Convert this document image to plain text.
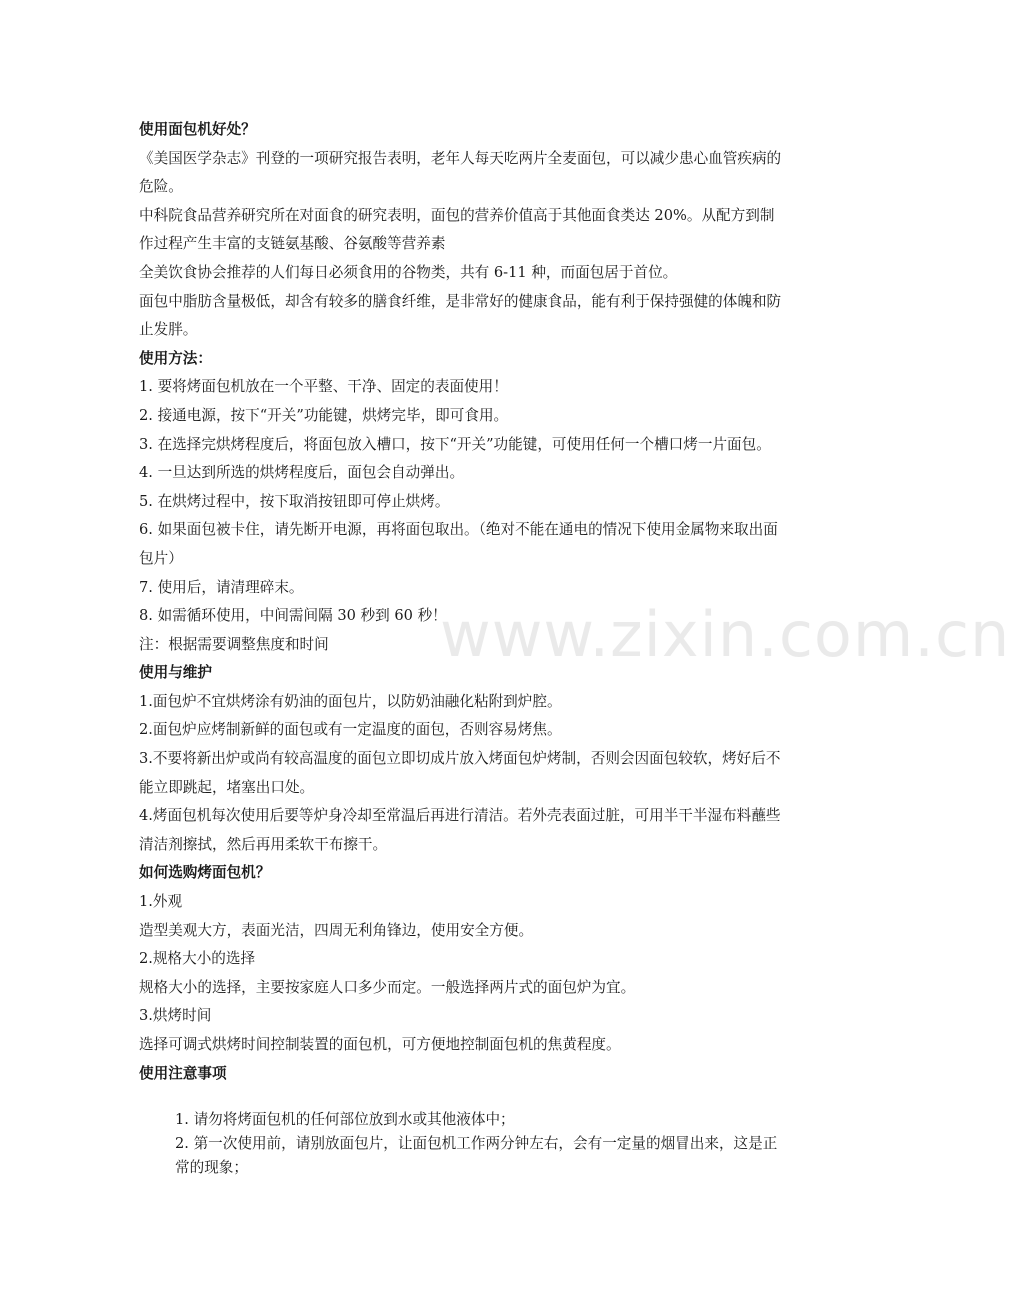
使用面包机好处？

《美国医学杂志》刊登的一项研究报告表明，老年人每天吃两片全麦面包，可以减少患心血管疾病的危险。

中科院食品营养研究所在对面食的研究表明，面包的营养价值高于其他面食类达 20%。从配方到制作过程产生丰富的支链氨基酸、谷氨酸等营养素

全美饮食协会推荐的人们每日必须食用的谷物类，共有 6-11 种，而面包居于首位。

面包中脂肪含量极低，却含有较多的膳食纤维，是非常好的健康食品，能有利于保持强健的体魄和防止发胖。

使用方法：

1. 要将烤面包机放在一个平整、干净、固定的表面使用！

2. 接通电源，按下“开关”功能键，烘烤完毕，即可食用。

3. 在选择完烘烤程度后，将面包放入槽口，按下“开关”功能键，可使用任何一个槽口烤一片面包。

4. 一旦达到所选的烘烤程度后，面包会自动弹出。

5. 在烘烤过程中，按下取消按钮即可停止烘烤。

6. 如果面包被卡住，请先断开电源，再将面包取出。（绝对不能在通电的情况下使用金属物来取出面包片）

7. 使用后，请清理碎末。

8. 如需循环使用，中间需间隔 30 秒到 60 秒！

注：根据需要调整焦度和时间

使用与维护

1.面包炉不宜烘烤涂有奶油的面包片，以防奶油融化粘附到炉腔。

2.面包炉应烤制新鲜的面包或有一定温度的面包，否则容易烤焦。

3.不要将新出炉或尚有较高温度的面包立即切成片放入烤面包炉烤制，否则会因面包较软，烤好后不能立即跳起，堵塞出口处。

4.烤面包机每次使用后要等炉身冷却至常温后再进行清洁。若外壳表面过脏，可用半干半湿布料蘸些清洁剂擦拭，然后再用柔软干布擦干。

如何选购烤面包机？

1.外观

造型美观大方，表面光洁，四周无利角锋边，使用安全方便。

2.规格大小的选择

规格大小的选择，主要按家庭人口多少而定。一般选择两片式的面包炉为宜。

3.烘烤时间

选择可调式烘烤时间控制装置的面包机，可方便地控制面包机的焦黄程度。

使用注意事项

1. 请勿将烤面包机的任何部位放到水或其他液体中；

2. 第一次使用前，请别放面包片，让面包机工作两分钟左右，会有一定量的烟冒出来，这是正常的现象；

www.zixin.com.cn
